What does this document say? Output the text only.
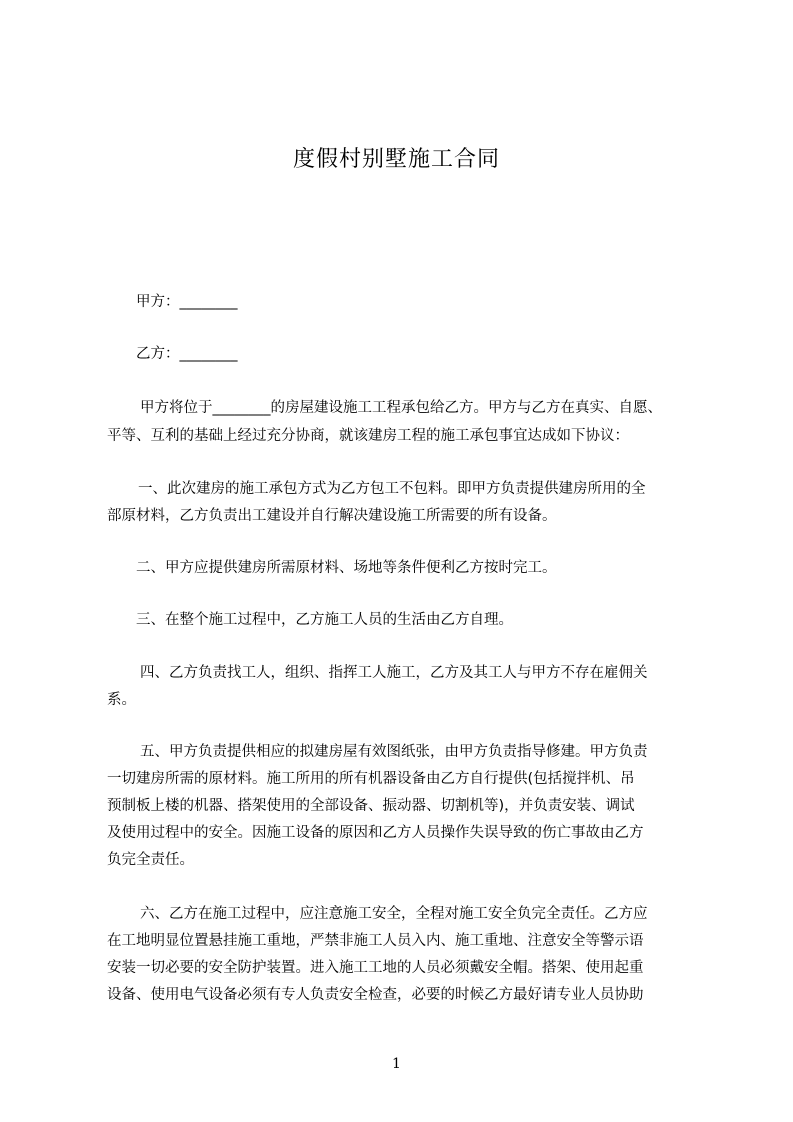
度假村别墅施工合同

甲方：________

乙方：________

甲方将位于________的房屋建设施工工程承包给乙方。甲方与乙方在真实、自愿、

平等、互利的基础上经过充分协商，就该建房工程的施工承包事宜达成如下协议：

一、此次建房的施工承包方式为乙方包工不包料。即甲方负责提供建房所用的全

部原材料，乙方负责出工建设并自行解决建设施工所需要的所有设备。

二、甲方应提供建房所需原材料、场地等条件便利乙方按时完工。

三、在整个施工过程中，乙方施工人员的生活由乙方自理。

四、乙方负责找工人，组织、指挥工人施工，乙方及其工人与甲方不存在雇佣关

系。

五、甲方负责提供相应的拟建房屋有效图纸张，由甲方负责指导修建。甲方负责

一切建房所需的原材料。施工所用的所有机器设备由乙方自行提供(包括搅拌机、吊

预制板上楼的机器、搭架使用的全部设备、振动器、切割机等)，并负责安装、调试

及使用过程中的安全。因施工设备的原因和乙方人员操作失误导致的伤亡事故由乙方

负完全责任。

六、乙方在施工过程中，应注意施工安全，全程对施工安全负完全责任。乙方应

在工地明显位置悬挂施工重地，严禁非施工人员入内、施工重地、注意安全等警示语

安装一切必要的安全防护装置。进入施工工地的人员必须戴安全帽。搭架、使用起重

设备、使用电气设备必须有专人负责安全检查，必要的时候乙方最好请专业人员协助

1
